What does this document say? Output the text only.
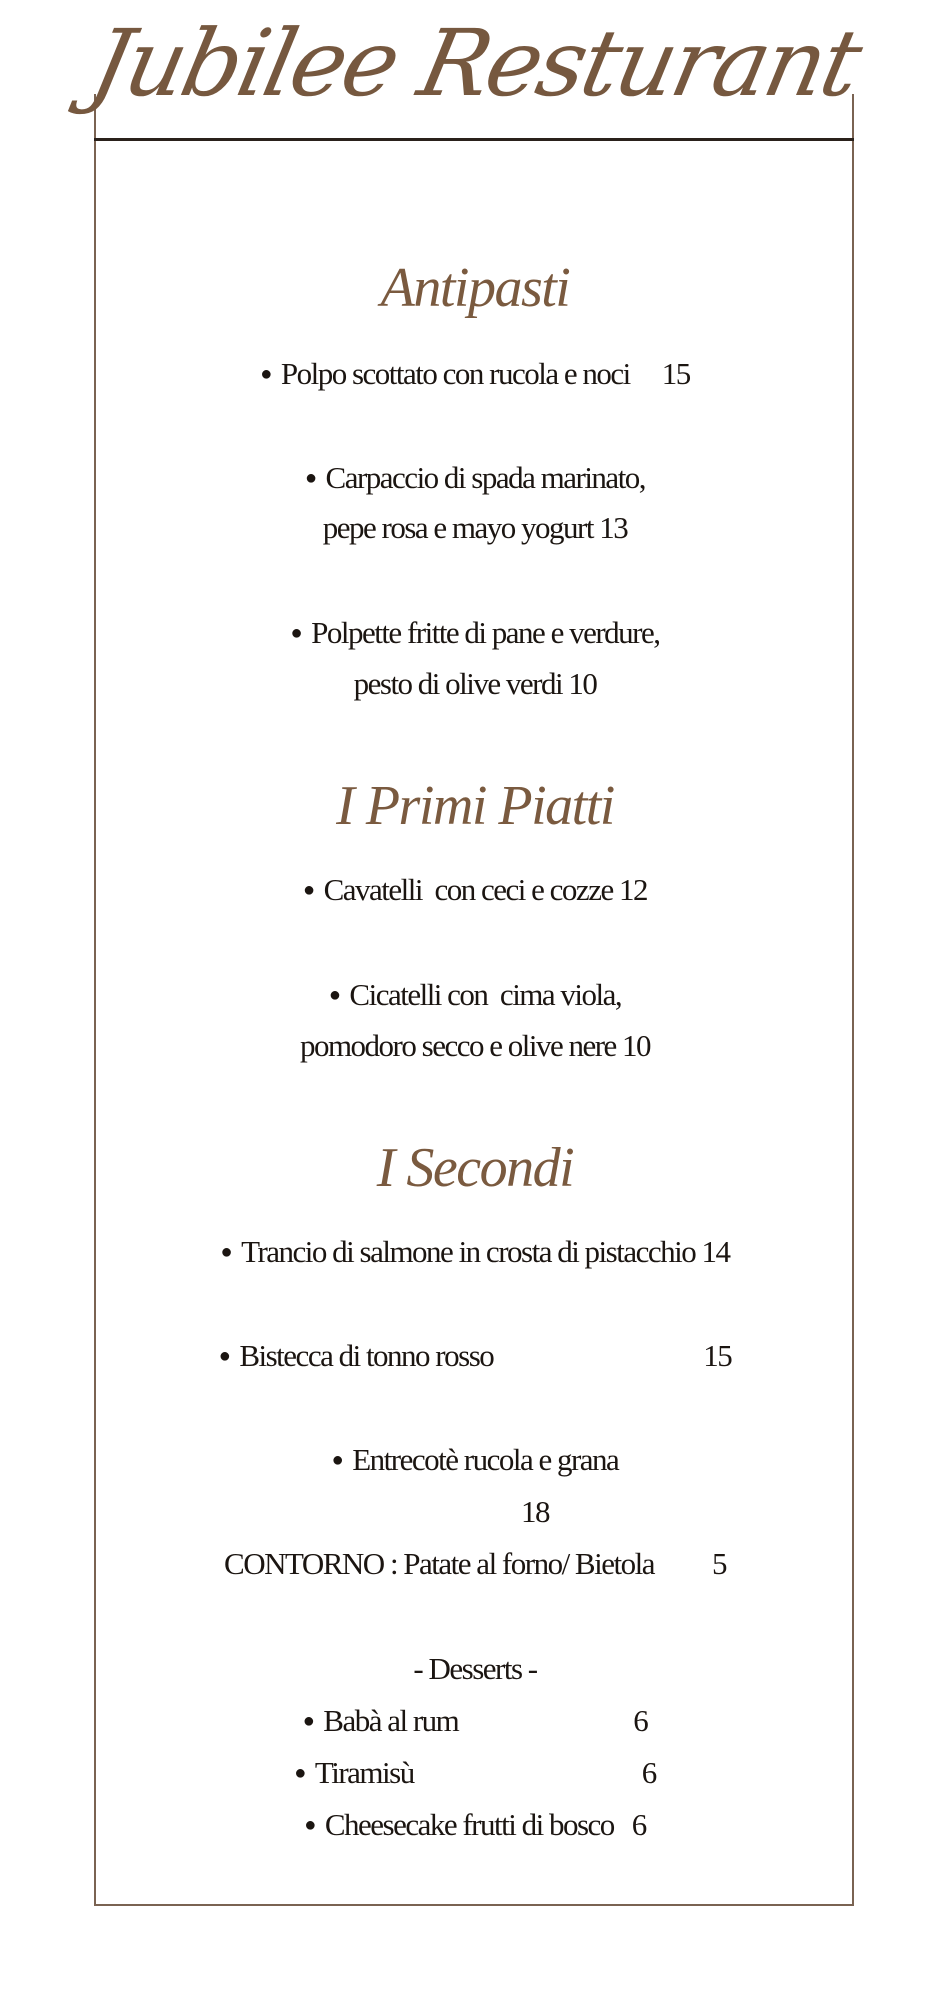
Jubilee Resturant
Antipasti
● Polpo scottato con rucola e noci 15
● Carpaccio di spada marinato,
pepe rosa e mayo yogurt 13
● Polpette fritte di pane e verdure,
pesto di olive verdi 10
I Primi Piatti
● Cavatelli  con ceci e cozze 12
● Cicatelli con  cima viola,
pomodoro secco e olive nere 10
I Secondi
● Trancio di salmone in crosta di pistacchio 14
● Bistecca di tonno rosso	15
● Entrecotè rucola e grana
18
CONTORNO : Patate al forno/ Bietola 5
- Desserts -
● Babà al rum	6
● Tiramisù	6
● Cheesecake frutti di bosco 6
